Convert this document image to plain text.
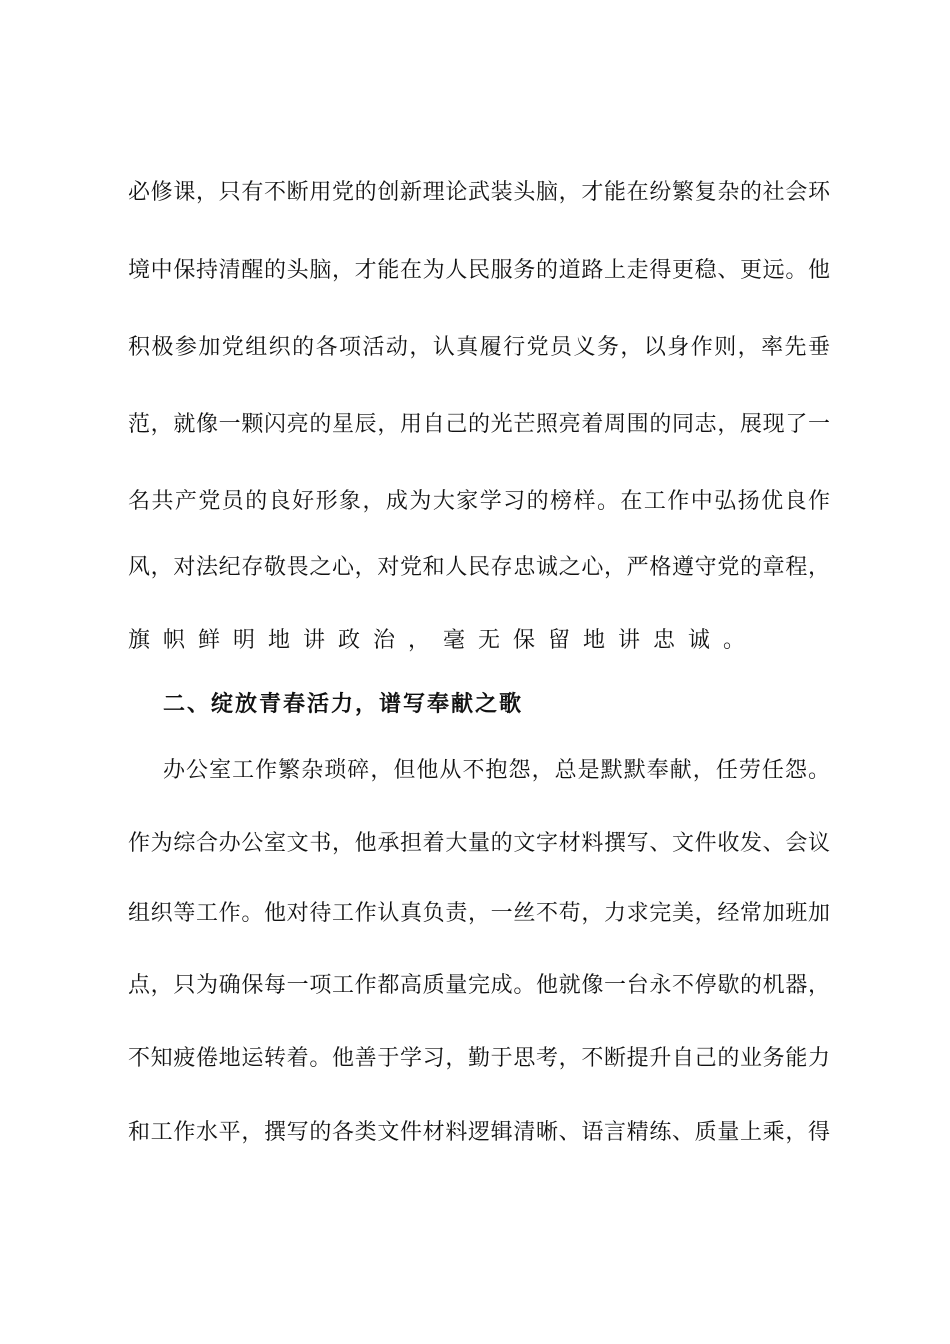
必修课，只有不断用党的创新理论武装头脑，才能在纷繁复杂的社会环
境中保持清醒的头脑，才能在为人民服务的道路上走得更稳、更远。他
积极参加党组织的各项活动，认真履行党员义务，以身作则，率先垂
范，就像一颗闪亮的星辰，用自己的光芒照亮着周围的同志，展现了一
名共产党员的良好形象，成为大家学习的榜样。在工作中弘扬优良作
风，对法纪存敬畏之心，对党和人民存忠诚之心，严格遵守党的章程，
旗帜鲜明地讲政治，毫无保留地讲忠诚。
二、绽放青春活力，谱写奉献之歌
办公室工作繁杂琐碎，但他从不抱怨，总是默默奉献，任劳任怨。
作为综合办公室文书，他承担着大量的文字材料撰写、文件收发、会议
组织等工作。他对待工作认真负责，一丝不苟，力求完美，经常加班加
点，只为确保每一项工作都高质量完成。他就像一台永不停歇的机器，
不知疲倦地运转着。他善于学习，勤于思考，不断提升自己的业务能力
和工作水平，撰写的各类文件材料逻辑清晰、语言精练、质量上乘，得
